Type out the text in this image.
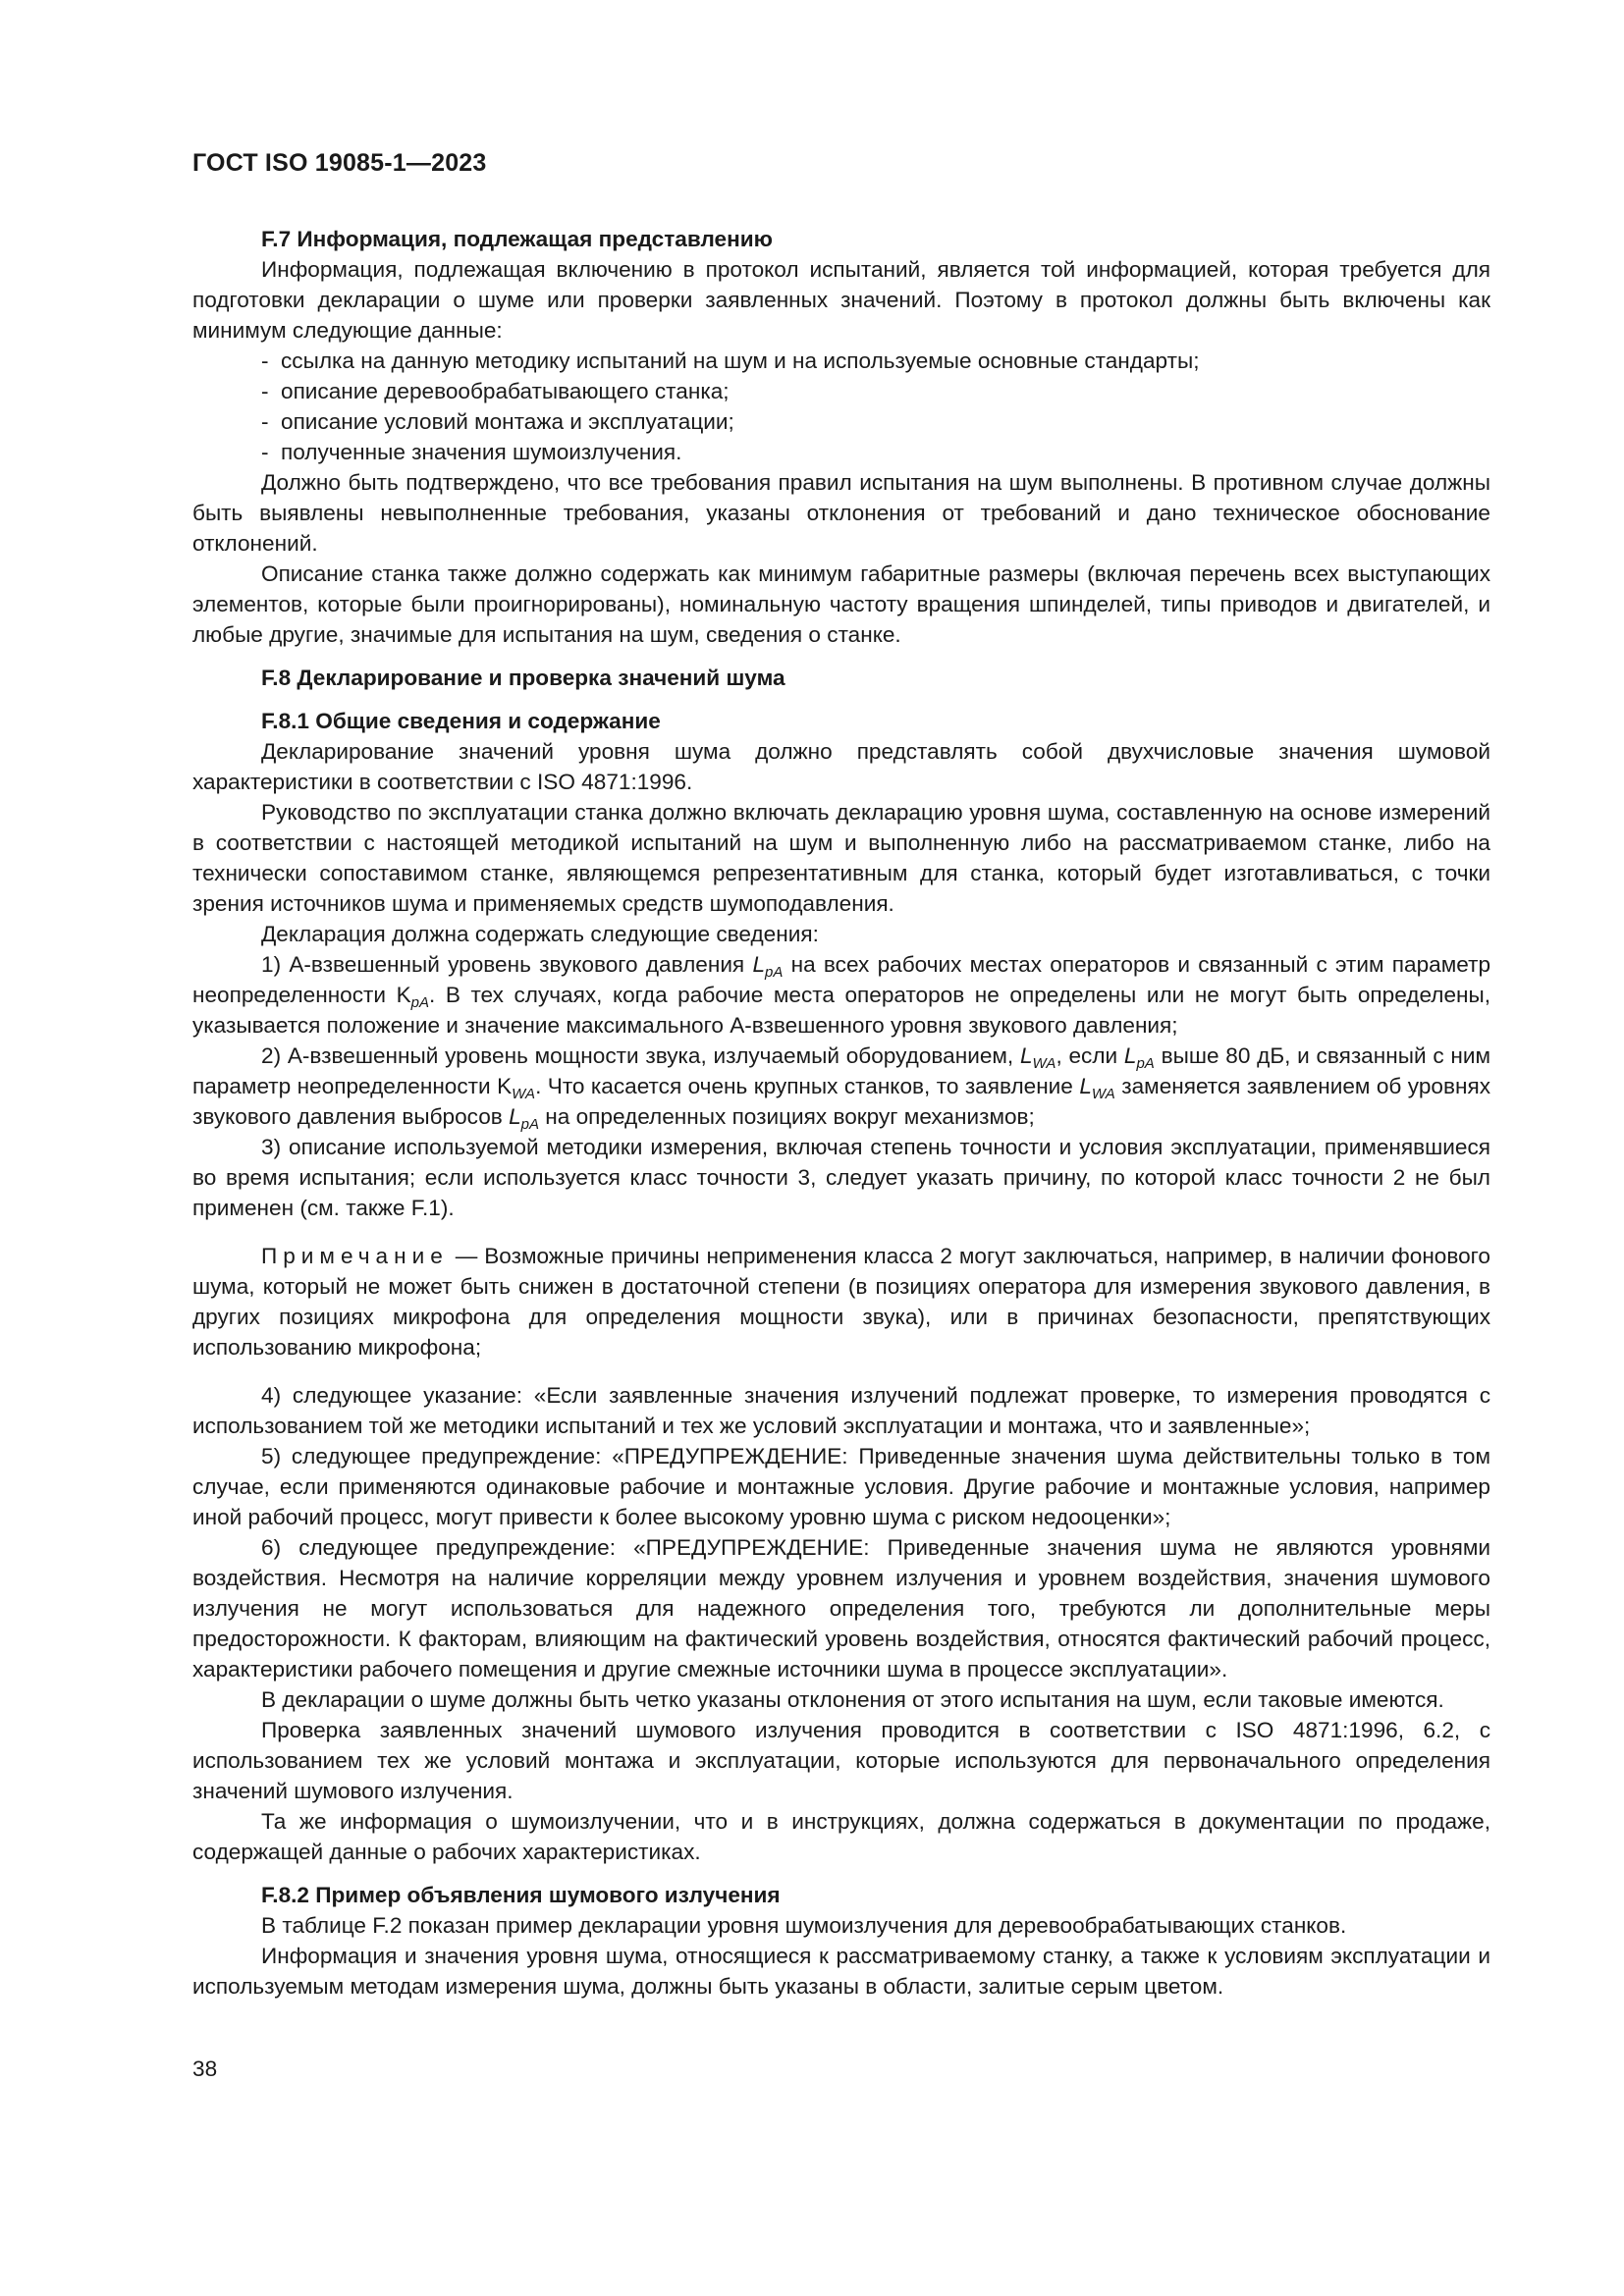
ГОСТ ISO 19085-1—2023
F.7 Информация, подлежащая представлению

Информация, подлежащая включению в протокол испытаний, является той информацией, которая требуется для подготовки декларации о шуме или проверки заявленных значений. Поэтому в протокол должны быть включены как минимум следующие данные:

- ссылка на данную методику испытаний на шум и на используемые основные стандарты;
- описание деревообрабатывающего станка;
- описание условий монтажа и эксплуатации;
- полученные значения шумоизлучения.

Должно быть подтверждено, что все требования правил испытания на шум выполнены. В противном случае должны быть выявлены невыполненные требования, указаны отклонения от требований и дано техническое обоснование отклонений.

Описание станка также должно содержать как минимум габаритные размеры (включая перечень всех выступающих элементов, которые были проигнорированы), номинальную частоту вращения шпинделей, типы приводов и двигателей, и любые другие, значимые для испытания на шум, сведения о станке.

F.8 Декларирование и проверка значений шума
F.8.1 Общие сведения и содержание

Декларирование значений уровня шума должно представлять собой двухчисловые значения шумовой характеристики в соответствии с ISO 4871:1996.

Руководство по эксплуатации станка должно включать декларацию уровня шума, составленную на основе измерений в соответствии с настоящей методикой испытаний на шум и выполненную либо на рассматриваемом станке, либо на технически сопоставимом станке, являющемся репрезентативным для станка, который будет изготавливаться, с точки зрения источников шума и применяемых средств шумоподавления.

Декларация должна содержать следующие сведения:

1) А-взвешенный уровень звукового давления $L_{pA}$ на всех рабочих местах операторов и связанный с этим параметр неопределенности $K_{pA}$. В тех случаях, когда рабочие места операторов не определены или не могут быть определены, указывается положение и значение максимального А-взвешенного уровня звукового давления;

2) А-взвешенный уровень мощности звука, излучаемый оборудованием, $L_{WA}$, если $L_{pA}$ выше 80 дБ, и связанный с ним параметр неопределенности $K_{WA}$. Что касается очень крупных станков, то заявление $L_{WA}$ заменяется заявлением об уровнях звукового давления выбросов $L_{pA}$ на определенных позициях вокруг механизмов;

3) описание используемой методики измерения, включая степень точности и условия эксплуатации, применявшиеся во время испытания; если используется класс точности 3, следует указать причину, по которой класс точности 2 не был применен (см. также F.1).

Примечание — Возможные причины неприменения класса 2 могут заключаться, например, в наличии фонового шума, который не может быть снижен в достаточной степени (в позициях оператора для измерения звукового давления, в других позициях микрофона для определения мощности звука), или в причинах безопасности, препятствующих использованию микрофона;

4) следующее указание: «Если заявленные значения излучений подлежат проверке, то измерения проводятся с использованием той же методики испытаний и тех же условий эксплуатации и монтажа, что и заявленные»;

5) следующее предупреждение: «ПРЕДУПРЕЖДЕНИЕ: Приведенные значения шума действительны только в том случае, если применяются одинаковые рабочие и монтажные условия. Другие рабочие и монтажные условия, например иной рабочий процесс, могут привести к более высокому уровню шума с риском недооценки»;

6) следующее предупреждение: «ПРЕДУПРЕЖДЕНИЕ: Приведенные значения шума не являются уровнями воздействия. Несмотря на наличие корреляции между уровнем излучения и уровнем воздействия, значения шумового излучения не могут использоваться для надежного определения того, требуются ли дополнительные меры предосторожности. К факторам, влияющим на фактический уровень воздействия, относятся фактический рабочий процесс, характеристики рабочего помещения и другие смежные источники шума в процессе эксплуатации».

В декларации о шуме должны быть четко указаны отклонения от этого испытания на шум, если таковые имеются.

Проверка заявленных значений шумового излучения проводится в соответствии с ISO 4871:1996, 6.2, с использованием тех же условий монтажа и эксплуатации, которые используются для первоначального определения значений шумового излучения.

Та же информация о шумоизлучении, что и в инструкциях, должна содержаться в документации по продаже, содержащей данные о рабочих характеристиках.

F.8.2 Пример объявления шумового излучения

В таблице F.2 показан пример декларации уровня шумоизлучения для деревообрабатывающих станков.

Информация и значения уровня шума, относящиеся к рассматриваемому станку, а также к условиям эксплуатации и используемым методам измерения шума, должны быть указаны в области, залитые серым цветом.

38
